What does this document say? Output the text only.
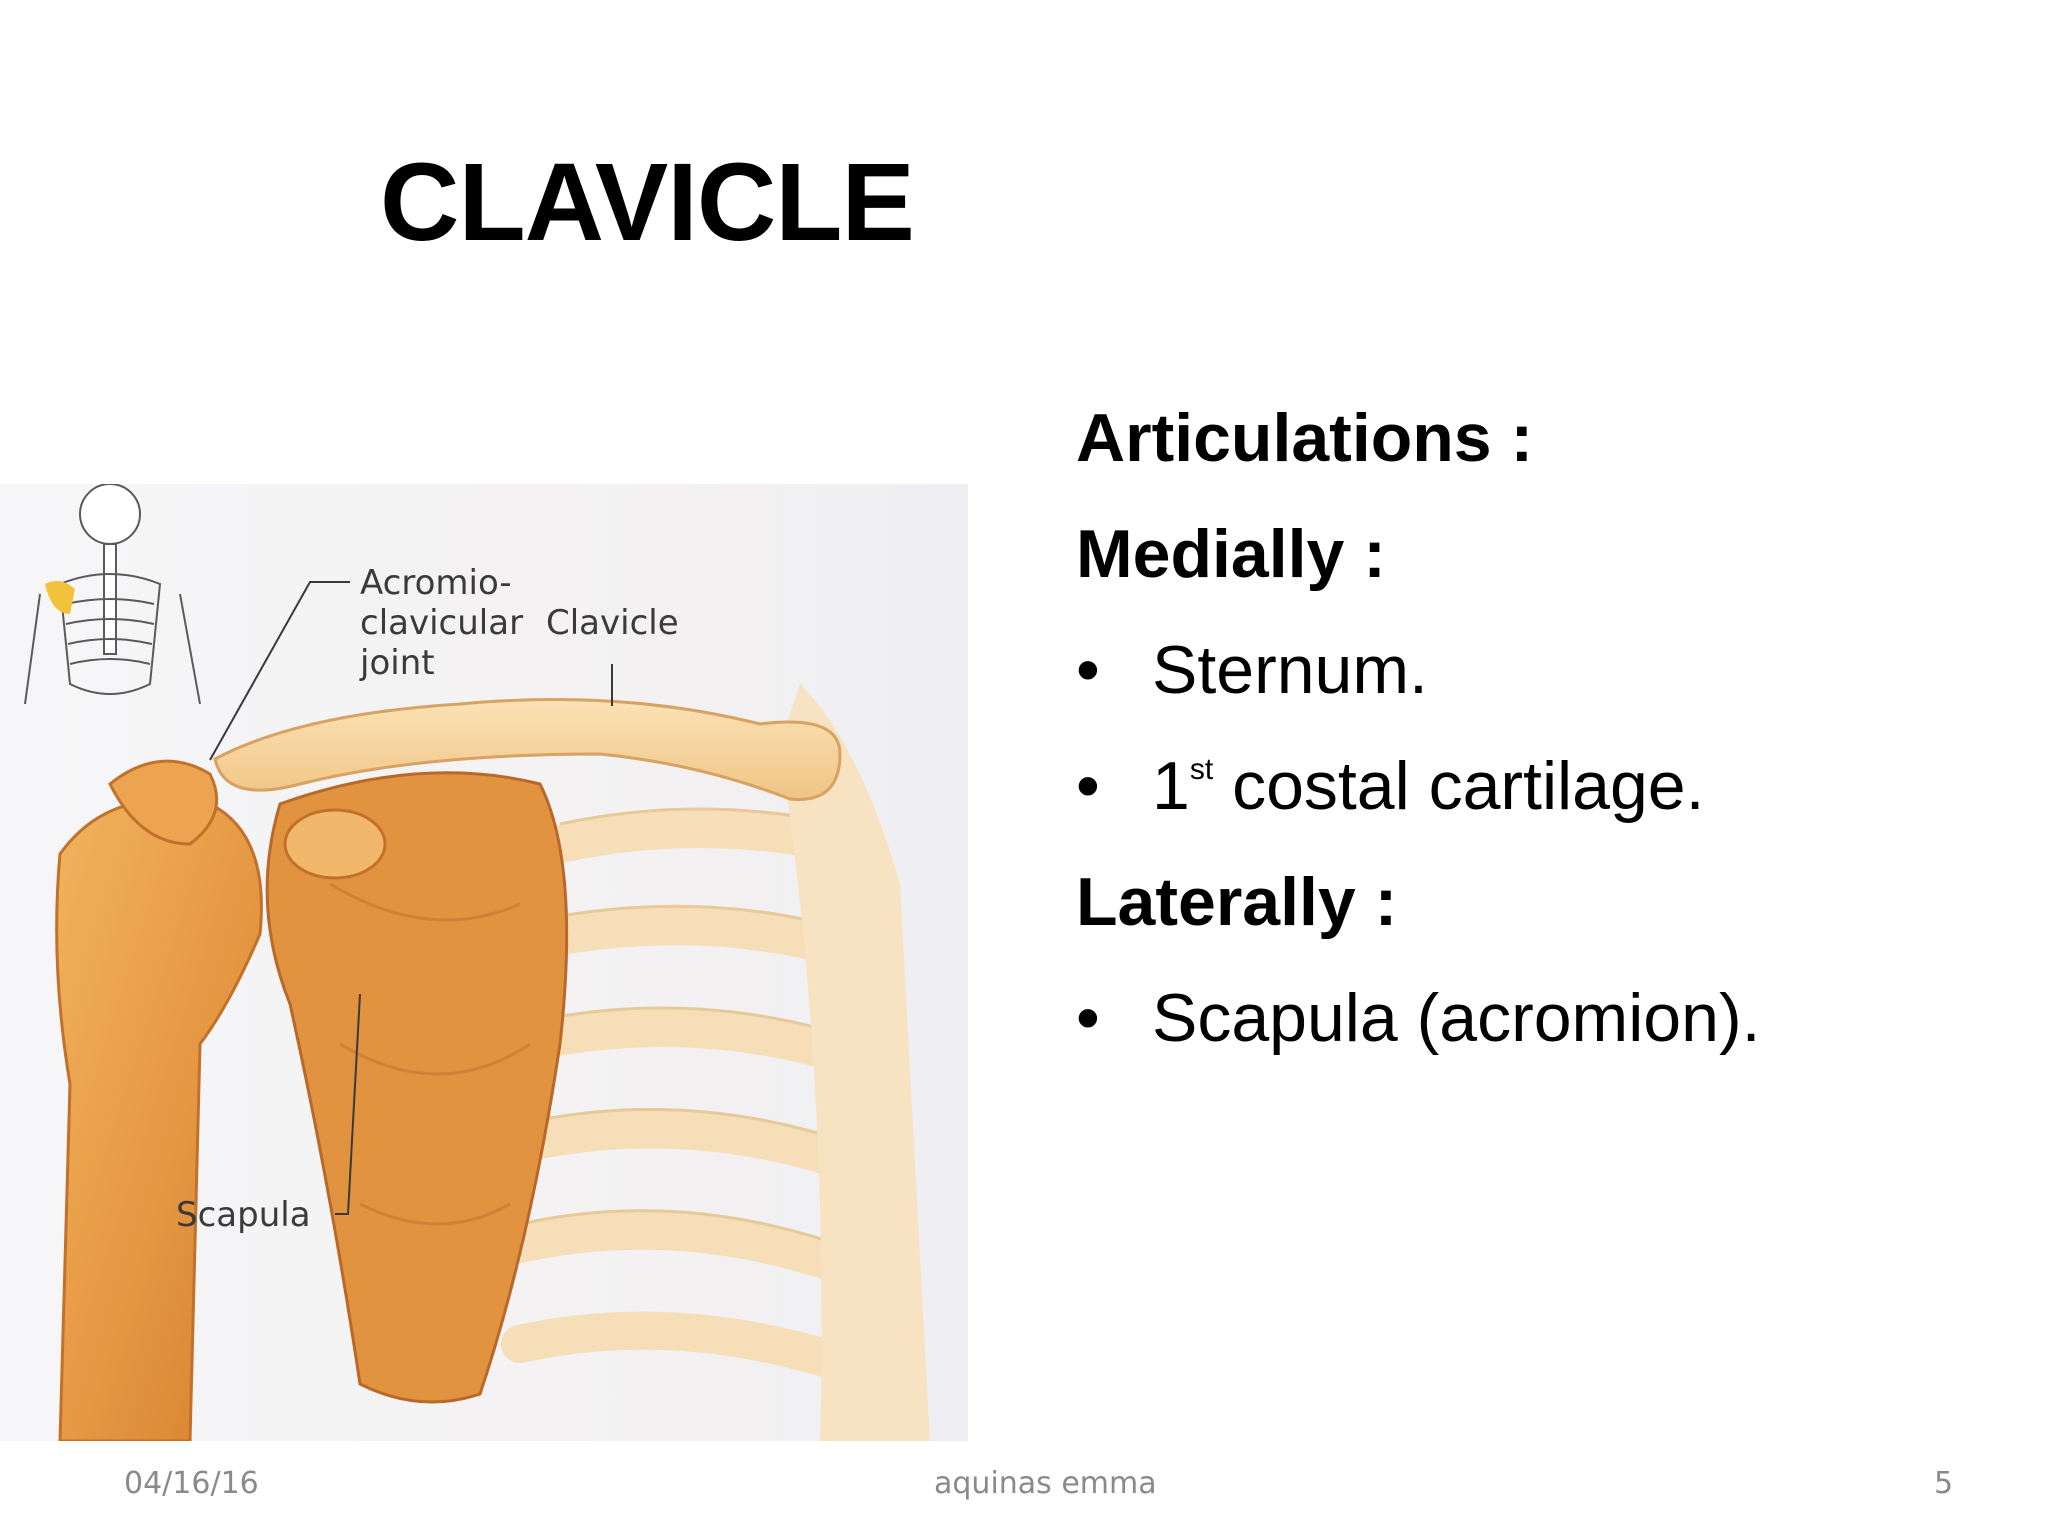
CLAVICLE
Acromio-
clavicular
joint
Clavicle
Scapula
Articulations :
Medially :
• Sternum.
• 1st costal cartilage.
Laterally :
• Scapula (acromion).
04/16/16	aquinas emma	5
